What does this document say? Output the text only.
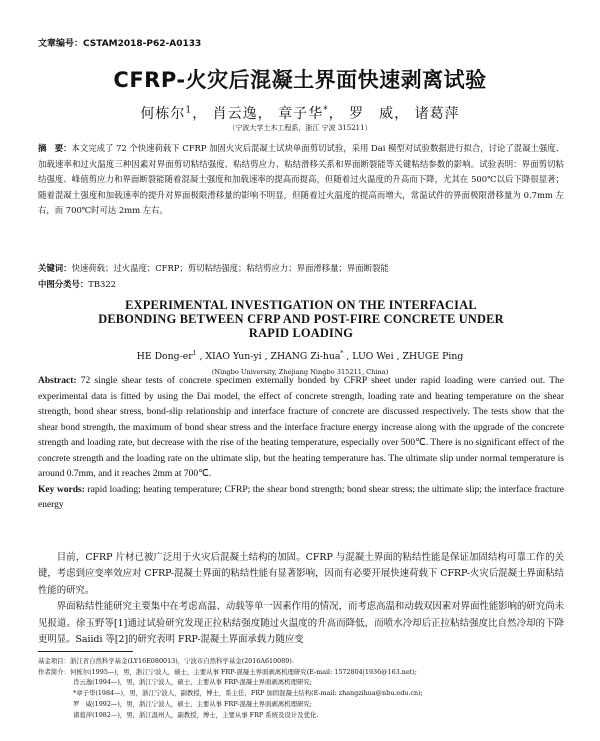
文章编号：CSTAM2018-P62-A0133
CFRP-火灾后混凝土界面快速剥离试验
何栋尔$^1$， 肖云逸， 章子华*， 罗　威， 诸葛萍
（宁波大学土木工程系，浙江 宁波 315211）
摘　要：本文完成了 72 个快速荷载下 CFRP 加固火灾后混凝土试块单面剪切试验，采用 Dai 模型对试验数据进行拟合，讨论了混凝土强度、加载速率和过火温度三种因素对界面剪切粘结强度、粘结剪应力、粘结滑移关系和界面断裂能等关键粘结参数的影响。试验表明：界面剪切粘结强度、峰值剪应力和界面断裂能随着混凝土强度和加载速率的提高而提高，但随着过火温度的升高而下降，尤其在 500℃以后下降很显著；随着混凝土强度和加载速率的提升对界面极限滑移量的影响不明显，但随着过火温度的提高而增大，常温试件的界面极限滑移量为 0.7mm 左右，而 700℃时可达 2mm 左右。
关键词：快速荷载；过火温度；CFRP；剪切粘结强度；粘结剪应力；界面滑移量；界面断裂能
中图分类号：TB322
EXPERIMENTAL INVESTIGATION ON THE INTERFACIAL
DEBONDING BETWEEN CFRP AND POST-FIRE CONCRETE UNDER
RAPID LOADING
HE Dong-$er^1$ , XIAO Yun-yi , ZHANG Zi-hua* , LUO Wei , ZHUGE Ping
(Ningbo University, Zhejiang Ningbo 315211, China)

Abstract: 72 single shear tests of concrete specimen externally bonded by CFRP sheet under rapid loading were carried out. The experimental data is fitted by using the Dai model, the effect of concrete strength, loading rate and heating temperature on the shear strength, bond shear stress, bond-slip relationship and interface fracture of concrete are discussed respectively. The tests show that the shear bond strength, the maximum of bond shear stress and the interface fracture energy increase along with the upgrade of the concrete strength and loading rate, but decrease with the rise of the heating temperature, especially over 500℃. There is no significant effect of the concrete strength and the loading rate on the ultimate slip, but the heating temperature has. The ultimate slip under normal temperature is around 0.7mm, and it reaches 2mm at 700℃.

Key words: rapid loading; heating temperature; CFRP; the shear bond strength; bond shear stress; the ultimate slip; the interface fracture energy

目前，CFRP 片材已被广泛用于火灾后混凝土结构的加固。CFRP 与混凝土界面的粘结性能是保证加固结构可靠工作的关键，考虑到应变率效应对 CFRP-混凝土界面的粘结性能有显著影响，因而有必要开展快速荷载下 CFRP-火灾后混凝土界面粘结性能的研究。

界面粘结性能研究主要集中在考虑高温、动载等单一因素作用的情况，而考虑高温和动载双因素对界面性能影响的研究尚未见报道。徐玉野等[1]通过试验研究发现正拉粘结强度随过火温度的升高而降低，而喷水冷却后正拉粘结强度比自然冷却的下降更明显。Saiidi 等[2]的研究表明 FRP-混凝土界面承载力随应变

基金项目：浙江省自然科学基金(LY16E080013)，宁波市自然科学基金(2016A610089).
作者简介：何栋尔(1995—)，男，浙江宁波人，硕士，主要从事 FRP-混凝土界面剥离机理研究(E-mail: 1572804|1936@163.net);
肖云逸(1994—)，男，浙江宁波人，硕士，主要从事 FRP-混凝土界面剥离机理研究;
*章子华(1984—)，男，浙江宁波人，副教授，博士，系主任，FRP 加固混凝土结构(E-mail: zhangzihua@nbu.edu.cn);
罗　威(1992—)，男，浙江宁波人，硕士，主要从事 FRP-混凝土界面剥离机理研究;
诸葛萍(1982—)，男，浙江温州人，副教授，博士，主要从事 FRP 系统及设计及优化.
